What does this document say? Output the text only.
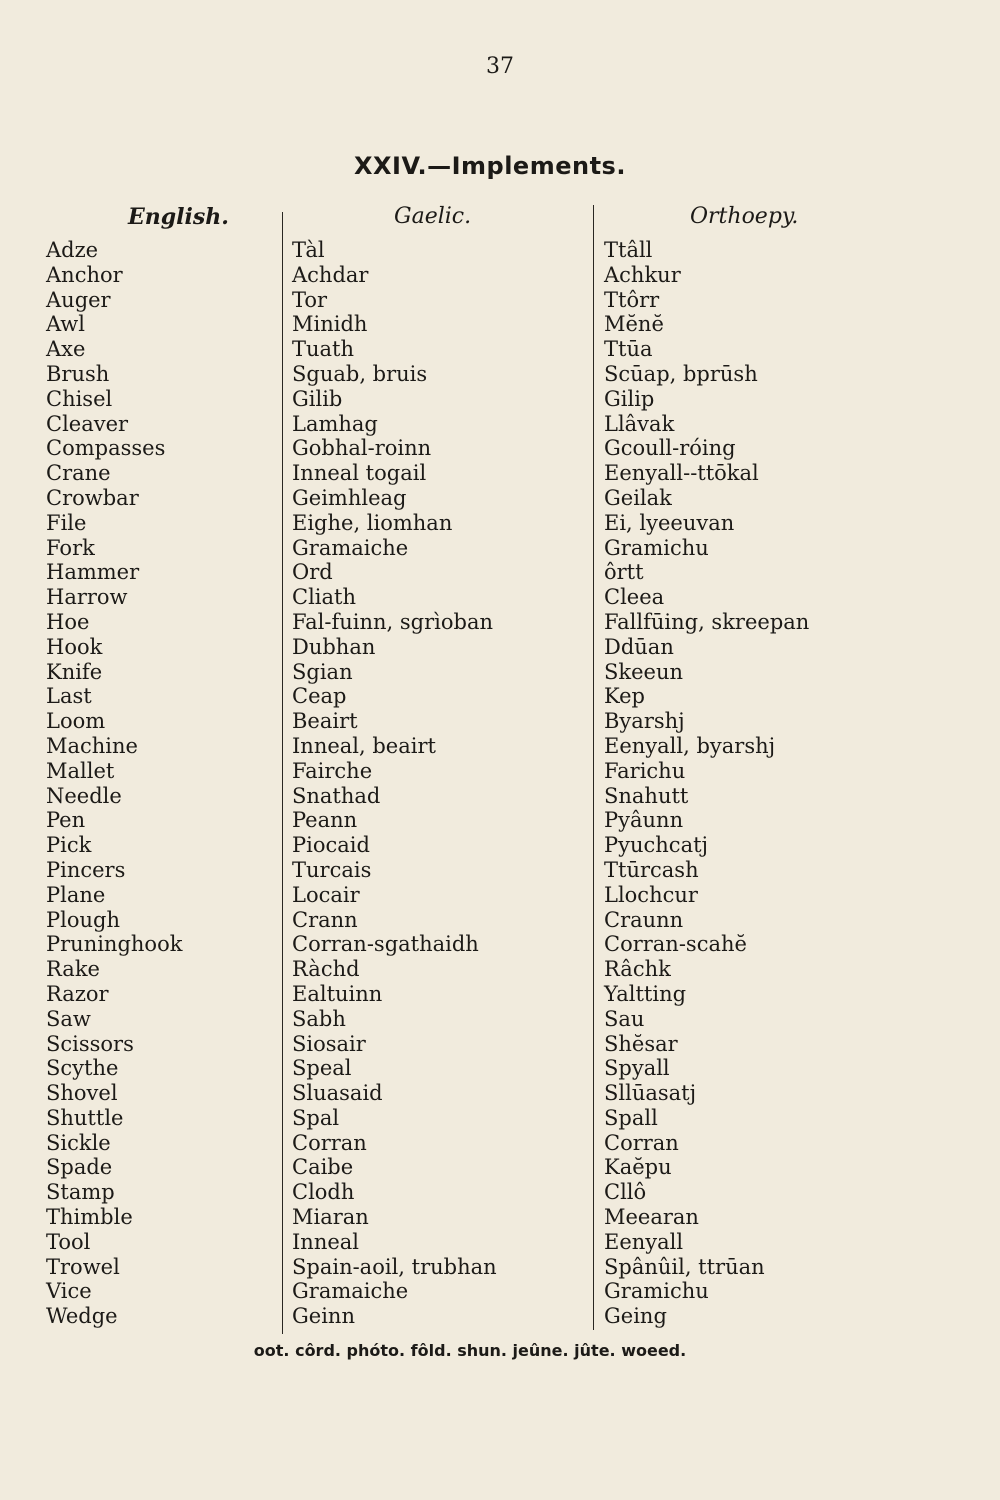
37
XXIV.—Implements.
English.	Gaelic.	Orthoepy.
Adze	Tàl	Ttâll
Anchor	Achdar	Achkur
Auger	Tor	Ttôrr
Awl	Minidh	Mĕnĕ
Axe	Tuath	Ttūa
Brush	Sguab, bruis	Scūap, bprūsh
Chisel	Gilib	Gilip
Cleaver	Lamhag	Llâvak
Compasses	Gobhal-roinn	Gcoull-róing
Crane	Inneal togail	Eenyall--ttōkal
Crowbar	Geimhleag	Geilak
File	Eighe, liomhan	Ei, lyeeuvan
Fork	Gramaiche	Gramichu
Hammer	Ord	ôrtt
Harrow	Cliath	Cleea
Hoe	Fal-fuinn, sgrìoban	Fallfūing, skreepan
Hook	Dubhan	Ddūan
Knife	Sgian	Skeeun
Last	Ceap	Kep
Loom	Beairt	Byarshj
Machine	Inneal, beairt	Eenyall, byarshj
Mallet	Fairche	Farichu
Needle	Snathad	Snahutt
Pen	Peann	Pyâunn
Pick	Piocaid	Pyuchcatj
Pincers	Turcais	Ttūrcash
Plane	Locair	Llochcur
Plough	Crann	Craunn
Pruninghook	Corran-sgathaidh	Corran-scahĕ
Rake	Ràchd	Râchk
Razor	Ealtuinn	Yaltting
Saw	Sabh	Sau
Scissors	Siosair	Shĕsar
Scythe	Speal	Spyall
Shovel	Sluasaid	Sllūasatj
Shuttle	Spal	Spall
Sickle	Corran	Corran
Spade	Caibe	Kaĕpu
Stamp	Clodh	Cllô
Thimble	Miaran	Meearan
Tool	Inneal	Eenyall
Trowel	Spain-aoil, trubhan	Spânûil, ttrūan
Vice	Gramaiche	Gramichu
Wedge	Geinn	Geing
oot. côrd. phóto. fôld. shun. jeûne. jûte. woeed.
